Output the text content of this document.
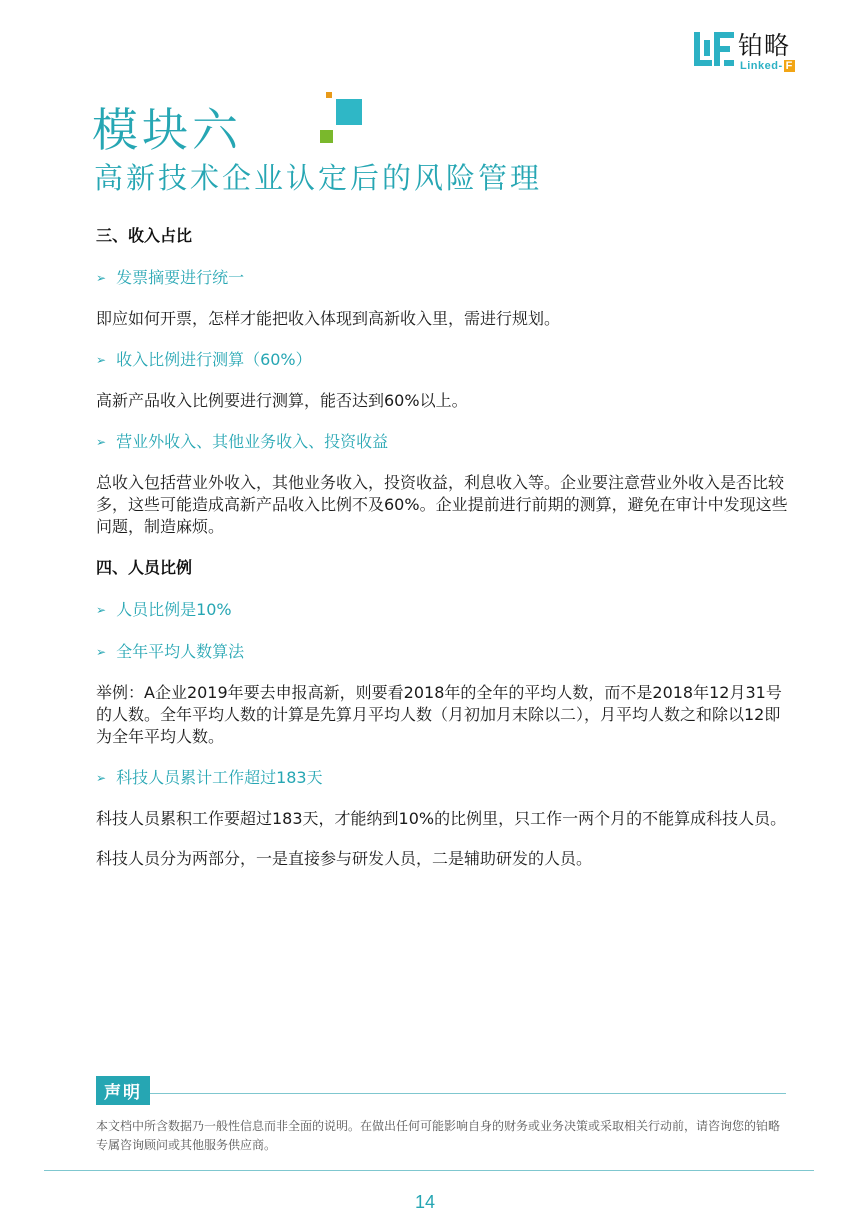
铂略
Linked- F
模块六
高新技术企业认定后的风险管理
三、收入占比
➢ 发票摘要进行统一
即应如何开票，怎样才能把收入体现到高新收入里，需进行规划。
➢ 收入比例进行测算（60%）
高新产品收入比例要进行测算，能否达到60%以上。
➢ 营业外收入、其他业务收入、投资收益
总收入包括营业外收入，其他业务收入，投资收益，利息收入等。企业要注意营业外收入是否比较多，这些可能造成高新产品收入比例不及60%。企业提前进行前期的测算，避免在审计中发现这些问题，制造麻烦。
四、人员比例
➢ 人员比例是10%
➢ 全年平均人数算法
举例：A企业2019年要去申报高新，则要看2018年的全年的平均人数，而不是2018年12月31号的人数。全年平均人数的计算是先算月平均人数（月初加月末除以二），月平均人数之和除以12即为全年平均人数。
➢ 科技人员累计工作超过183天
科技人员累积工作要超过183天，才能纳到10%的比例里，只工作一两个月的不能算成科技人员。
科技人员分为两部分，一是直接参与研发人员，二是辅助研发的人员。
声明
本文档中所含数据乃一般性信息而非全面的说明。在做出任何可能影响自身的财务或业务决策或采取相关行动前，请咨询您的铂略专属咨询顾问或其他服务供应商。
14
